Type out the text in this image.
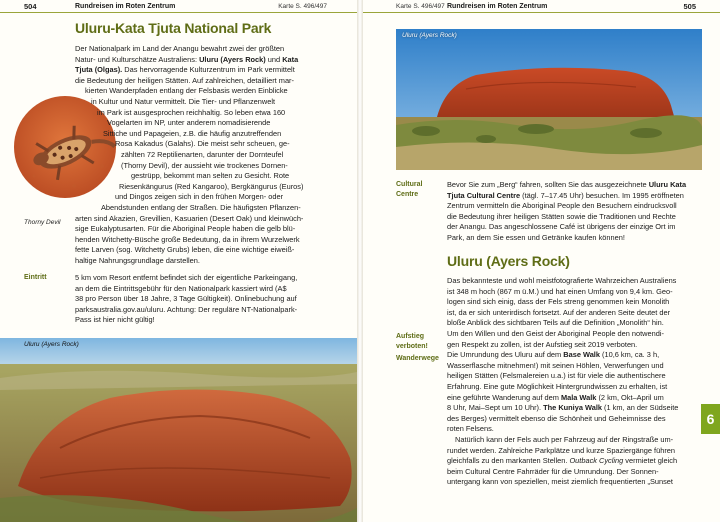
504	Rundreisen im Roten Zentrum	Karte S. 496/497
Uluru-Kata Tjuta National Park
Thorny Devil
Der Nationalpark im Land der Anangu bewahrt zwei der größten
Natur- und Kulturschätze Australiens: Uluru (Ayers Rock) und Kata
Tjuta (Olgas). Das hervorragende Kulturzentrum im Park vermittelt
die Bedeutung der heiligen Stätten. Auf zahlreichen, detailliert mar-
kierten Wanderpfaden entlang der Felsbasis werden Einblicke
in Kultur und Natur vermittelt. Die Tier- und Pflanzenwelt
im Park ist ausgesprochen reichhaltig. So leben etwa 160
Vogelarten im NP, unter anderem nomadisierende
Sittiche und Papageien, z.B. die häufig anzutreffenden
Rosa Kakadus (Galahs). Die meist sehr scheuen, ge-
zählten 72 Reptilienarten, darunter der Dornteufel
(Thorny Devil), der aussieht wie trockenes Dornen-
gestrüpp, bekommt man selten zu Gesicht. Rote
Riesenkängurus (Red Kangaroo), Bergkängurus (Euros)
und Dingos zeigen sich in den frühen Morgen- oder
Abendstunden entlang der Straßen. Die häufigsten Pflanzen-
arten sind Akazien, Grevillien, Kasuarien (Desert Oak) und kleinwüch-
sige Eukalyptusarten. Für die Aboriginal People haben die gelb blü-
henden Witchetty-Büsche große Bedeutung, da in ihrem Wurzelwerk
fette Larven (sog. Witchetty Grubs) leben, die eine wichtige eiweiß-
haltige Nahrungsgrundlage darstellen.
Eintritt	5 km vom Resort entfernt befindet sich der eigentliche Parkeingang,
an dem die Eintrittsgebühr für den Nationalpark kassiert wird (A$
38 pro Person über 18 Jahre, 3 Tage Gültigkeit). Onlinebuchung auf
parksaustralia.gov.au/uluru. Achtung: Der reguläre NT-Nationalpark-
Pass ist hier nicht gültig!
Uluru (Ayers Rock)
Karte S. 496/497 Rundreisen im Roten Zentrum	505
Uluru (Ayers Rock)
Cultural
Centre
Bevor Sie zum „Berg“ fahren, sollten Sie das ausgezeichnete Uluru Kata
Tjuta Cultural Centre (tägl. 7–17.45 Uhr) besuchen. Im 1995 eröffneten
Zentrum vermitteln die Aboriginal People den Besuchern eindrucksvoll
die Bedeutung ihrer heiligen Stätten sowie die Traditionen und Rechte
der Anangu. Das angeschlossene Café ist übrigens der einzige Ort im
Park, an dem Sie essen und Getränke kaufen können!
Uluru (Ayers Rock)
Aufstieg
verboten!
Wanderwege
Das bekannteste und wohl meistfotografierte Wahrzeichen Australiens
ist 348 m hoch (867 m ü.M.) und hat einen Umfang von 9,4 km. Geo-
logen sind sich einig, dass der Fels streng genommen kein Monolith
ist, da er sich unterirdisch fortsetzt. Auf der anderen Seite deutet der
bloße Anblick des sichtbaren Teils auf die Definition „Monolith“ hin.
Um den Willen und den Geist der Aboriginal People den notwendi-
gen Respekt zu zollen, ist der Aufstieg seit 2019 verboten.
Die Umrundung des Uluru auf dem Base Walk (10,6 km, ca. 3 h,
Wasserflasche mitnehmen!) mit seinen Höhlen, Verwerfungen und
heiligen Stätten (Felsmalereien u.a.) ist für viele die authentischere
Erfahrung. Eine gute Möglichkeit Hintergrundwissen zu erhalten, ist
eine geführte Wanderung auf dem Mala Walk (2 km, Okt–April um
8 Uhr, Mai–Sept um 10 Uhr). The Kuniya Walk (1 km, an der Südseite
des Berges) vermittelt ebenso die Schönheit und Geheimnisse des
roten Felsens.
Natürlich kann der Fels auch per Fahrzeug auf der Ringstraße um-
rundet werden. Zahlreiche Parkplätze und kurze Spaziergänge führen
gleichfalls zu den markanten Stellen. Outback Cycling vermietet gleich
beim Cultural Centre Fahrräder für die Umrundung. Der Sonnen-
untergang kann von speziellen, meist ziemlich frequentierten „Sunset
6
